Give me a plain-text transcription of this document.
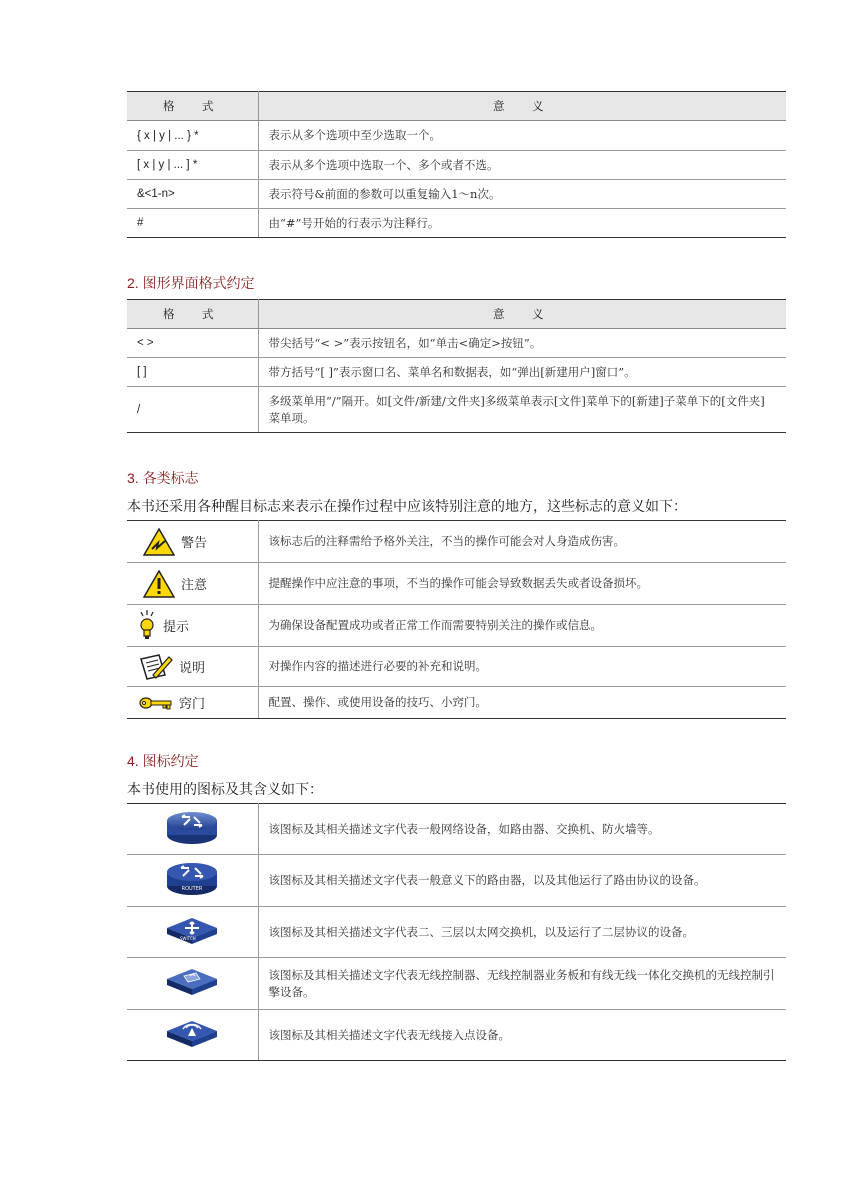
格　式	意　义
{ x | y | ... } *	表示从多个选项中至少选取一个。
[ x | y | ... ] *	表示从多个选项中选取一个、多个或者不选。
&<1-n>	表示符号&前面的参数可以重复输入1～n次。
#	由“#”号开始的行表示为注释行。

2. 图形界面格式约定

格　式	意　义
< >	带尖括号“< >”表示按钮名，如“单击<确定>按钮”。
[ ]	带方括号“[ ]”表示窗口名、菜单名和数据表，如“弹出[新建用户]窗口”。
/	多级菜单用“/”隔开。如[文件/新建/文件夹]多级菜单表示[文件]菜单下的[新建]子菜单下的[文件夹]菜单项。

3. 各类标志

本书还采用各种醒目标志来表示在操作过程中应该特别注意的地方，这些标志的意义如下：

警告	该标志后的注释需给予格外关注，不当的操作可能会对人身造成伤害。

注意	提醒操作中应注意的事项，不当的操作可能会导致数据丢失或者设备损坏。

提示	为确保设备配置成功或者正常工作而需要特别关注的操作或信息。

说明	对操作内容的描述进行必要的补充和说明。

窍门	配置、操作、或使用设备的技巧、小窍门。

4. 图标约定

本书使用的图标及其含义如下：

	该图标及其相关描述文字代表一般网络设备，如路由器、交换机、防火墙等。

ROUTER	该图标及其相关描述文字代表一般意义下的路由器，以及其他运行了路由协议的设备。

SWITCH	该图标及其相关描述文字代表二、三层以太网交换机，以及运行了二层协议的设备。

	该图标及其相关描述文字代表无线控制器、无线控制器业务板和有线无线一体化交换机的无线控制引擎设备。

	该图标及其相关描述文字代表无线接入点设备。
